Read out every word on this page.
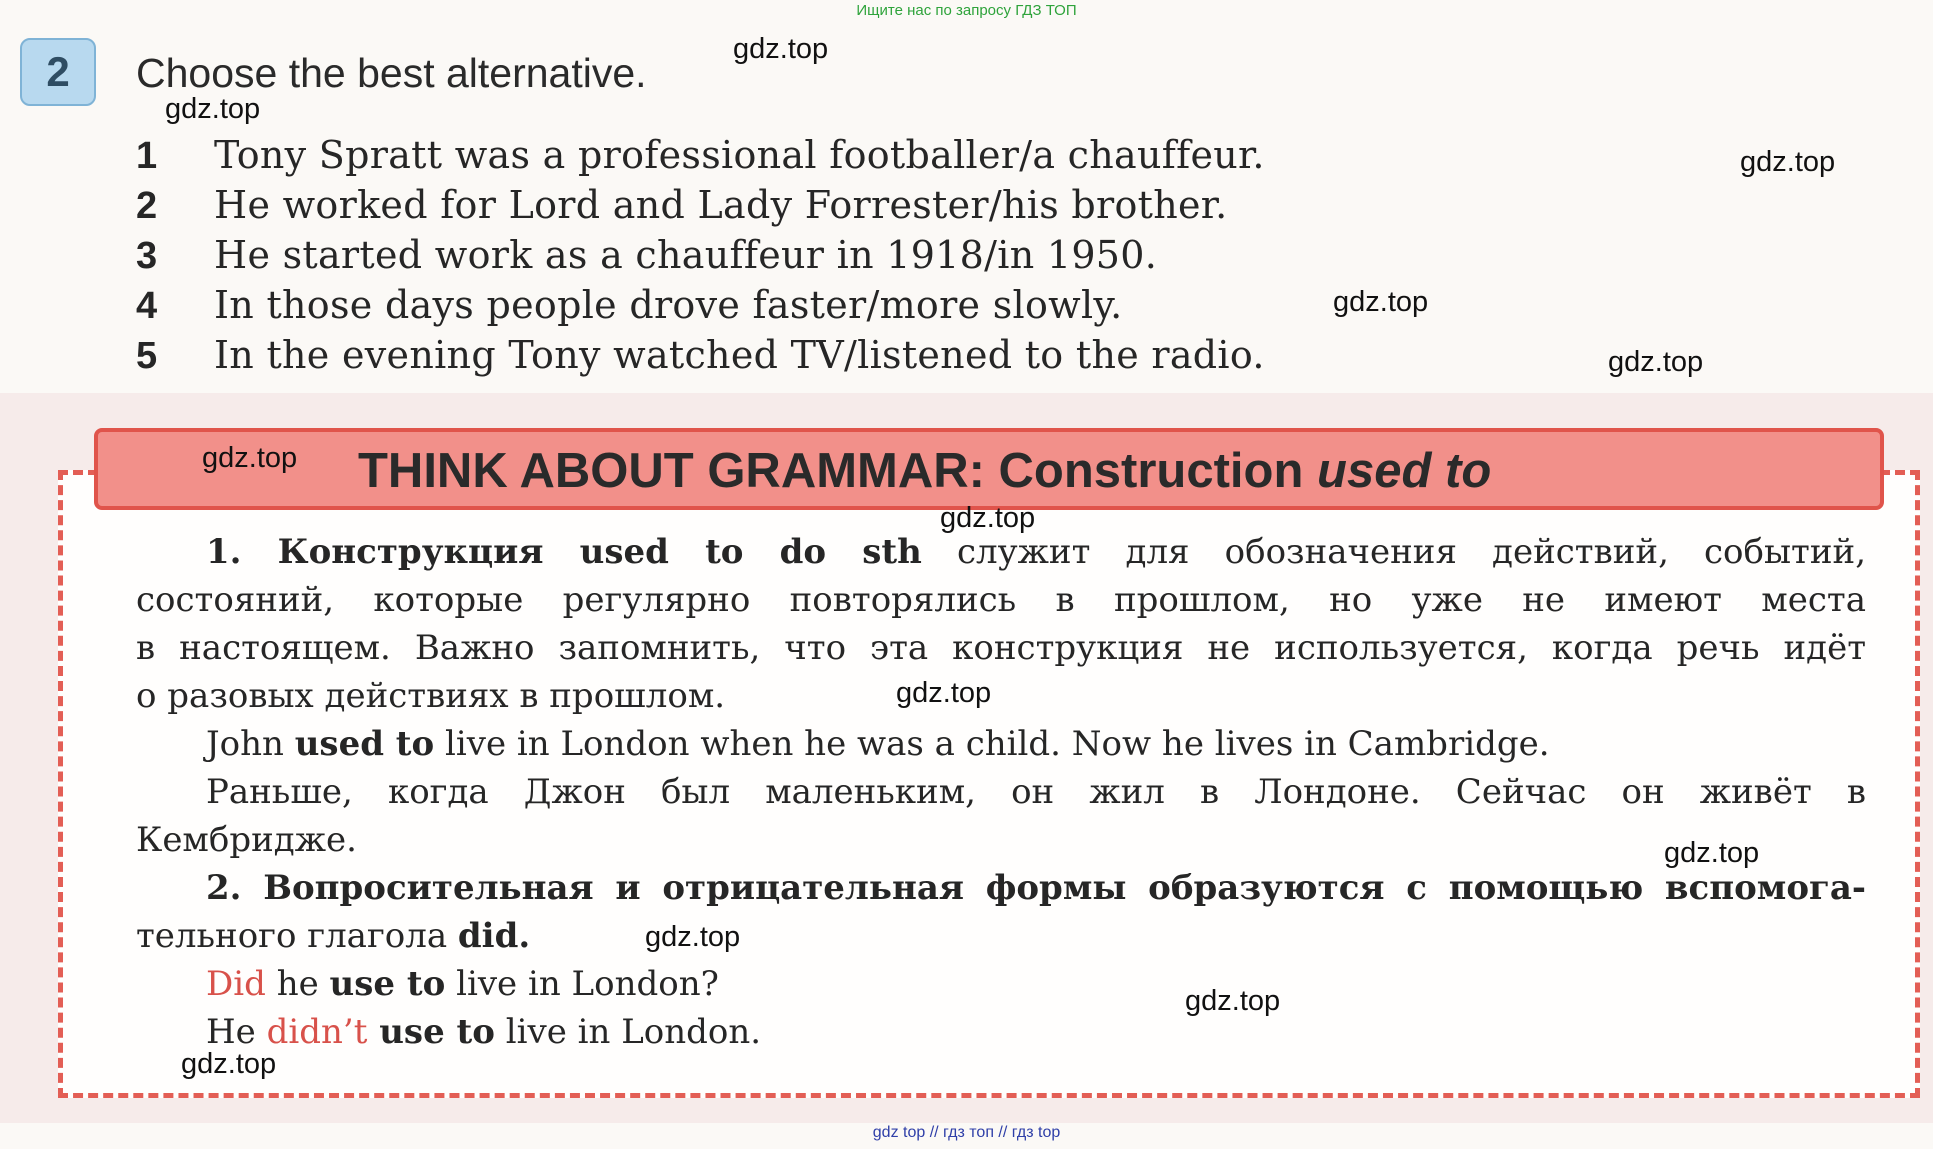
Ищите нас по запросу ГДЗ ТОП
2	Choose the best alternative.
1 Tony Spratt was a professional footballer/a chauffeur.
2 He worked for Lord and Lady Forrester/his brother.
3 He started work as a chauffeur in 1918/in 1950.
4 In those days people drove faster/more slowly.
5 In the evening Tony watched TV/listened to the radio.
THINK ABOUT GRAMMAR: Construction used to
1. Конструкция used to do sth служит для обозначения действий, событий,
состояний, которые регулярно повторялись в прошлом, но уже не имеют места
в настоящем. Важно запомнить, что эта конструкция не используется, когда речь идёт
о разовых действиях в прошлом.
John used to live in London when he was a child. Now he lives in Cambridge.
Раньше, когда Джон был маленьким, он жил в Лондоне. Сейчас он живёт в
Кембридже.
2. Вопросительная и отрицательная формы образуются с помощью вспомога-
тельного глагола did.
Did he use to live in London?
He didn’t use to live in London.
gdz.top
gdz.top
gdz.top
gdz.top
gdz.top
gdz.top
gdz.top
gdz.top
gdz.top
gdz.top
gdz.top
gdz.top
gdz top // гдз топ // гдз top
